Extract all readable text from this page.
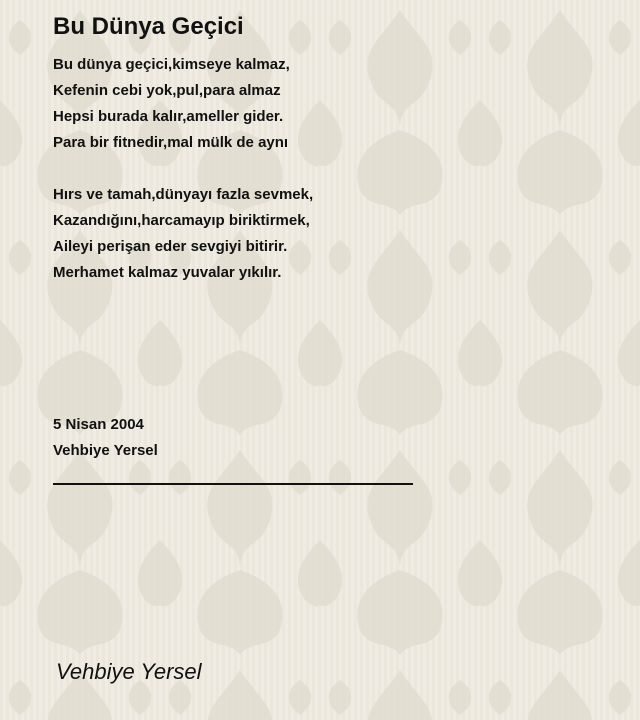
Bu Dünya Geçici
Bu dünya geçici,kimseye kalmaz,
Kefenin cebi yok,pul,para almaz
Hepsi burada kalır,ameller gider.
Para bir fitnedir,mal mülk de aynı
Hırs ve tamah,dünyayı fazla sevmek,
Kazandığını,harcamayıp biriktirmek,
Aileyi perişan eder sevgiyi bitirir.
Merhamet kalmaz yuvalar yıkılır.
5 Nisan 2004
Vehbiye Yersel
Vehbiye Yersel
